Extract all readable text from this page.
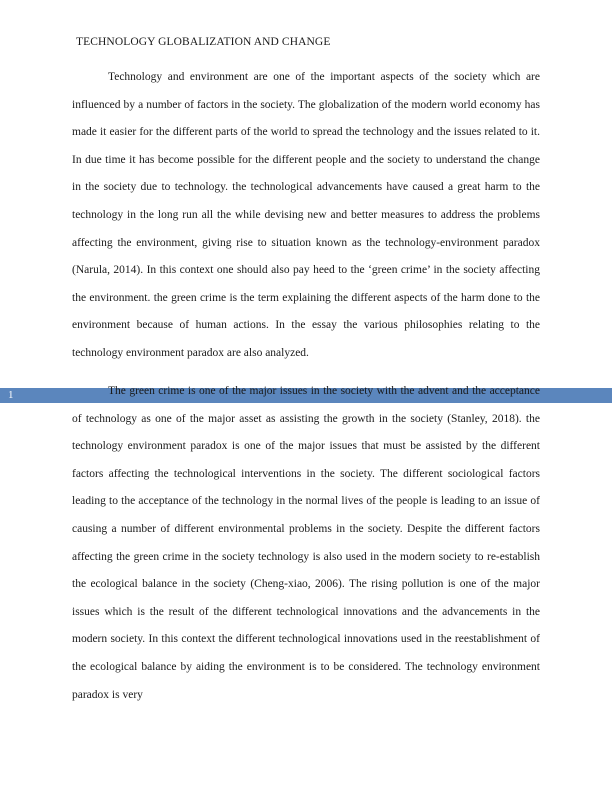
TECHNOLOGY GLOBALIZATION AND CHANGE

Technology and environment are one of the important aspects of the society which are influenced by a number of factors in the society. The globalization of the modern world economy has made it easier for the different parts of the world to spread the technology and the issues related to it. In due time it has become possible for the different people and the society to understand the change in the society due to technology. the technological advancements have caused a great harm to the technology in the long run all the while devising new and better measures to address the problems affecting the environment, giving rise to situation known as the technology-environment paradox (Narula, 2014). In this context one should also pay heed to the ‘green crime’ in the society affecting the environment. the green crime is the term explaining the different aspects of the harm done to the environment because of human actions. In the essay the various philosophies relating to the technology environment paradox are also analyzed.

1	The green crime is one of the major issues in the society with the advent and the acceptance of technology as one of the major asset as assisting the growth in the society (Stanley, 2018). the technology environment paradox is one of the major issues that must be assisted by the different factors affecting the technological interventions in the society. The different sociological factors leading to the acceptance of the technology in the normal lives of the people is leading to an issue of causing a number of different environmental problems in the society. Despite the different factors affecting the green crime in the society technology is also used in the modern society to re-establish the ecological balance in the society (Cheng-xiao, 2006). The rising pollution is one of the major issues which is the result of the different technological innovations and the advancements in the modern society. In this context the different technological innovations used in the reestablishment of the ecological balance by aiding the environment is to be considered. The technology environment paradox is very
